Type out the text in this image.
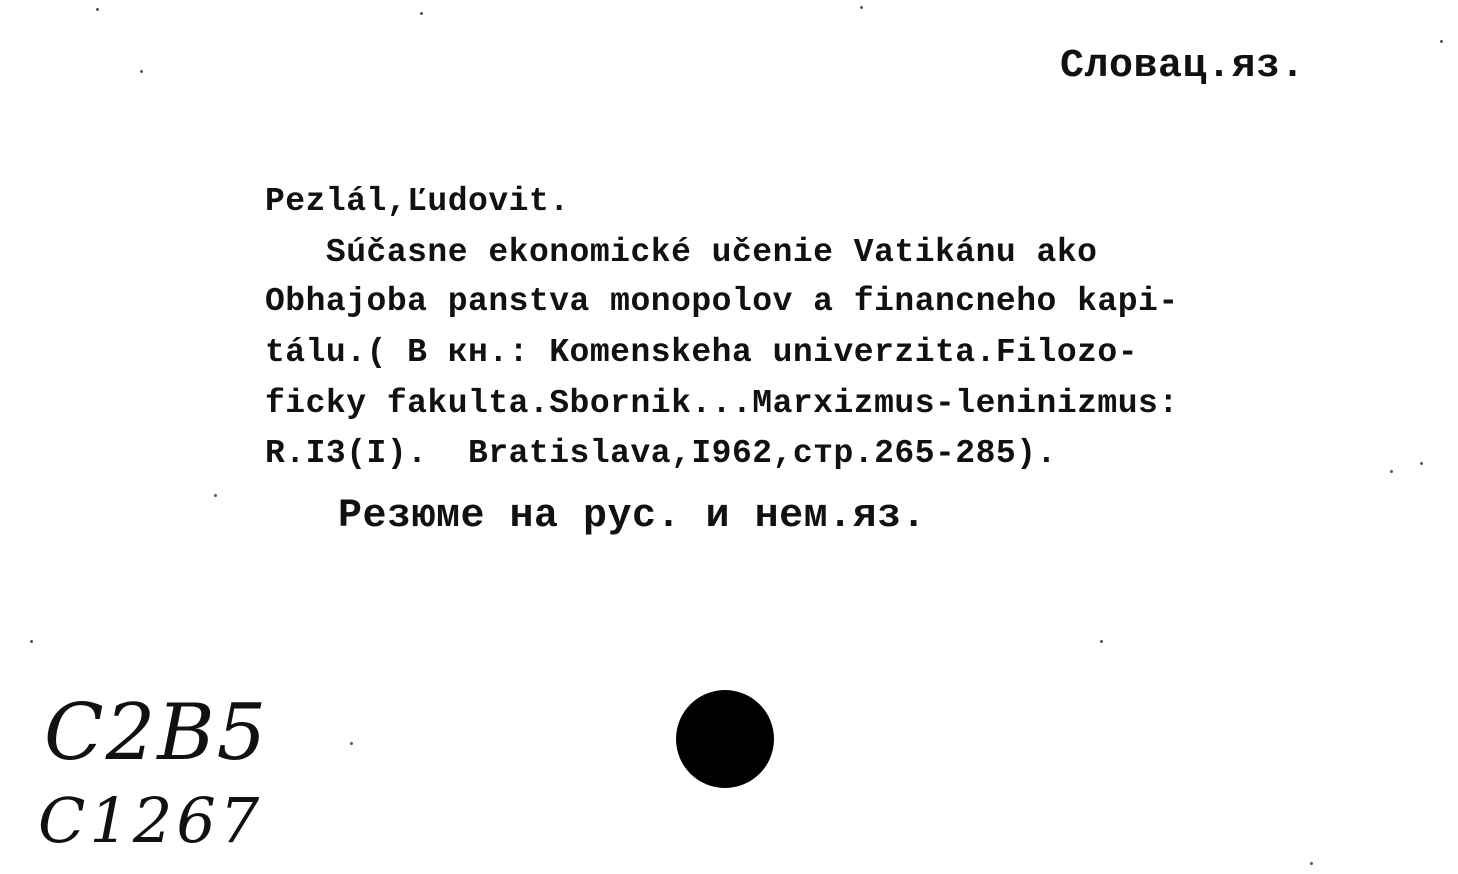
Словац.яз.
Pezlál,Ľudovit.
Súčasne ekonomické učenie Vatikánu ako
Obhajoba panstva monopolov a financneho kapi-
tálu.( В кн.: Komenskeha univerzita.Filozo-
ficky fakulta.Sbornik...Marxizmus-leninizmus:
R.I3(I).  Bratislava,I962,стр.265-285).
Резюме на рус. и нем.яз.
С2В5
С1267
